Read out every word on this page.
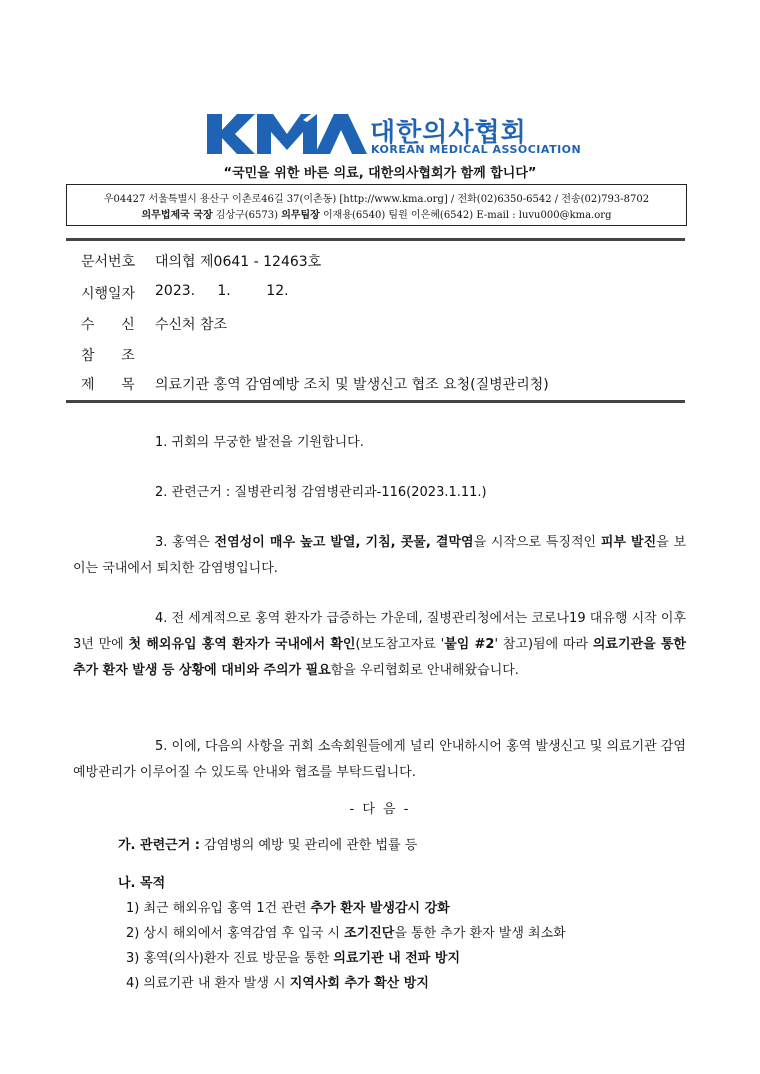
대한의사협회
KOREAN MEDICAL ASSOCIATION
“국민을 위한 바른 의료, 대한의사협회가 함께 합니다”
우04427 서울특별시 용산구 이촌로46길 37(이촌동) [http://www.kma.org] / 전화(02)6350-6542 / 전송(02)793-8702
의무법제국 국장 김상구(6573) 의무팀장 이재용(6540) 팀원 이은혜(6542) E-mail : luvu000@kma.org
문서번호 대의협 제0641 - 12463호
시행일자 2023.     1.        12.
수      신 수신처 참조
참      조
제      목 의료기관 홍역 감염예방 조치 및 발생신고 협조 요청(질병관리청)
1. 귀회의 무궁한 발전을 기원합니다.
2. 관련근거 : 질병관리청 감염병관리과-116(2023.1.11.)
3. 홍역은 전염성이 매우 높고 발열, 기침, 콧물, 결막염을 시작으로 특징적인 피부 발진을 보이는 국내에서 퇴치한 감염병입니다.
4. 전 세계적으로 홍역 환자가 급증하는 가운데, 질병관리청에서는 코로나19 대유행 시작 이후 3년 만에 첫 해외유입 홍역 환자가 국내에서 확인(보도참고자료 '붙임 #2' 참고)됨에 따라 의료기관을 통한 추가 환자 발생 등 상황에 대비와 주의가 필요함을 우리협회로 안내해왔습니다.
5. 이에, 다음의 사항을 귀회 소속회원들에게 널리 안내하시어 홍역 발생신고 및 의료기관 감염예방관리가 이루어질 수 있도록 안내와 협조를 부탁드립니다.
- 다 음 -
가. 관련근거 : 감염병의 예방 및 관리에 관한 법률 등
나. 목적
1) 최근 해외유입 홍역 1건 관련 추가 환자 발생감시 강화
2) 상시 해외에서 홍역감염 후 입국 시 조기진단을 통한 추가 환자 발생 최소화
3) 홍역(의사)환자 진료 방문을 통한 의료기관 내 전파 방지
4) 의료기관 내 환자 발생 시 지역사회 추가 확산 방지
